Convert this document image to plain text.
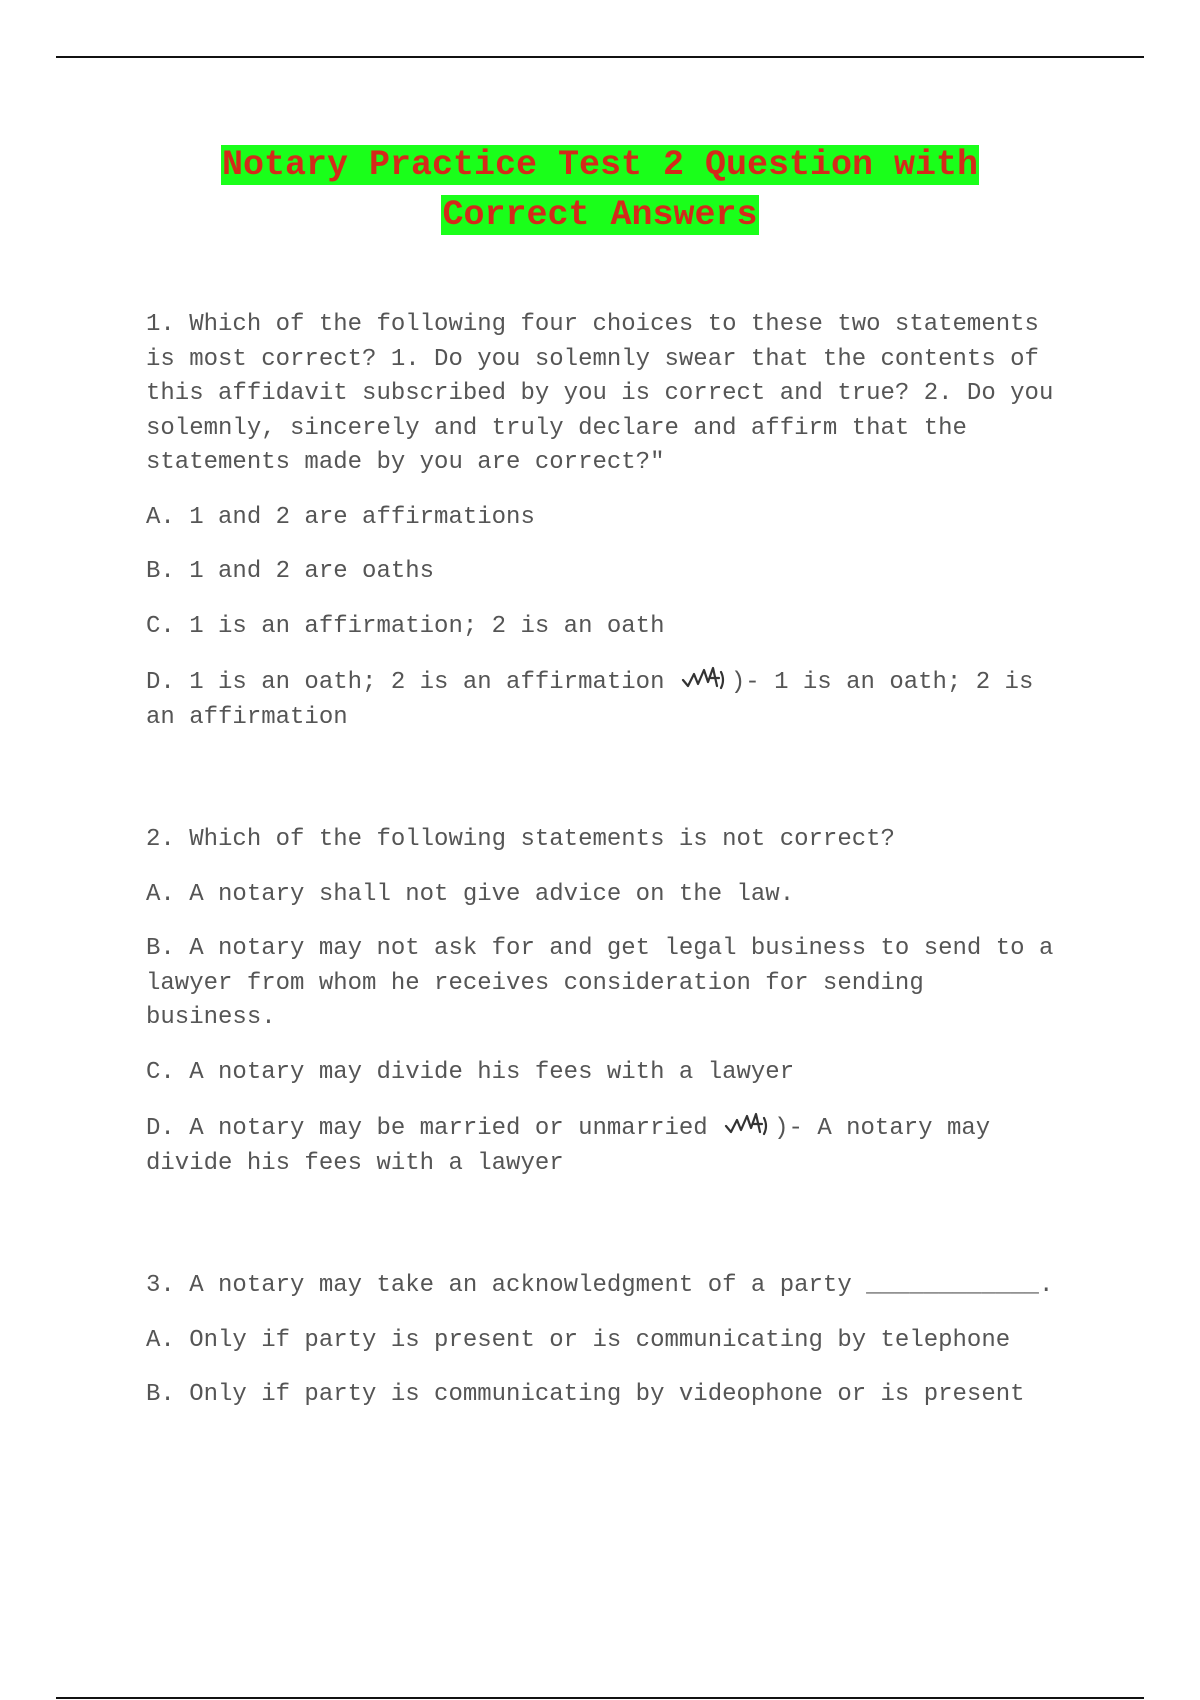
Notary Practice Test 2 Question with
Correct Answers

1. Which of the following four choices to these two statements is most correct? 1. Do you solemnly swear that the contents of this affidavit subscribed by you is correct and true? 2. Do you solemnly, sincerely and truly declare and affirm that the statements made by you are correct?"

A. 1 and 2 are affirmations

B. 1 and 2 are oaths

C. 1 is an affirmation; 2 is an oath

D. 1 is an oath; 2 is an affirmation	)- 1 is an oath; 2 is an affirmation

2. Which of the following statements is not correct?

A. A notary shall not give advice on the law.

B. A notary may not ask for and get legal business to send to a lawyer from whom he receives consideration for sending business.

C. A notary may divide his fees with a lawyer

D. A notary may be married or unmarried	)- A notary may divide his fees with a lawyer

3. A notary may take an acknowledgment of a party ____________.

A. Only if party is present or is communicating by telephone

B. Only if party is communicating by videophone or is present
